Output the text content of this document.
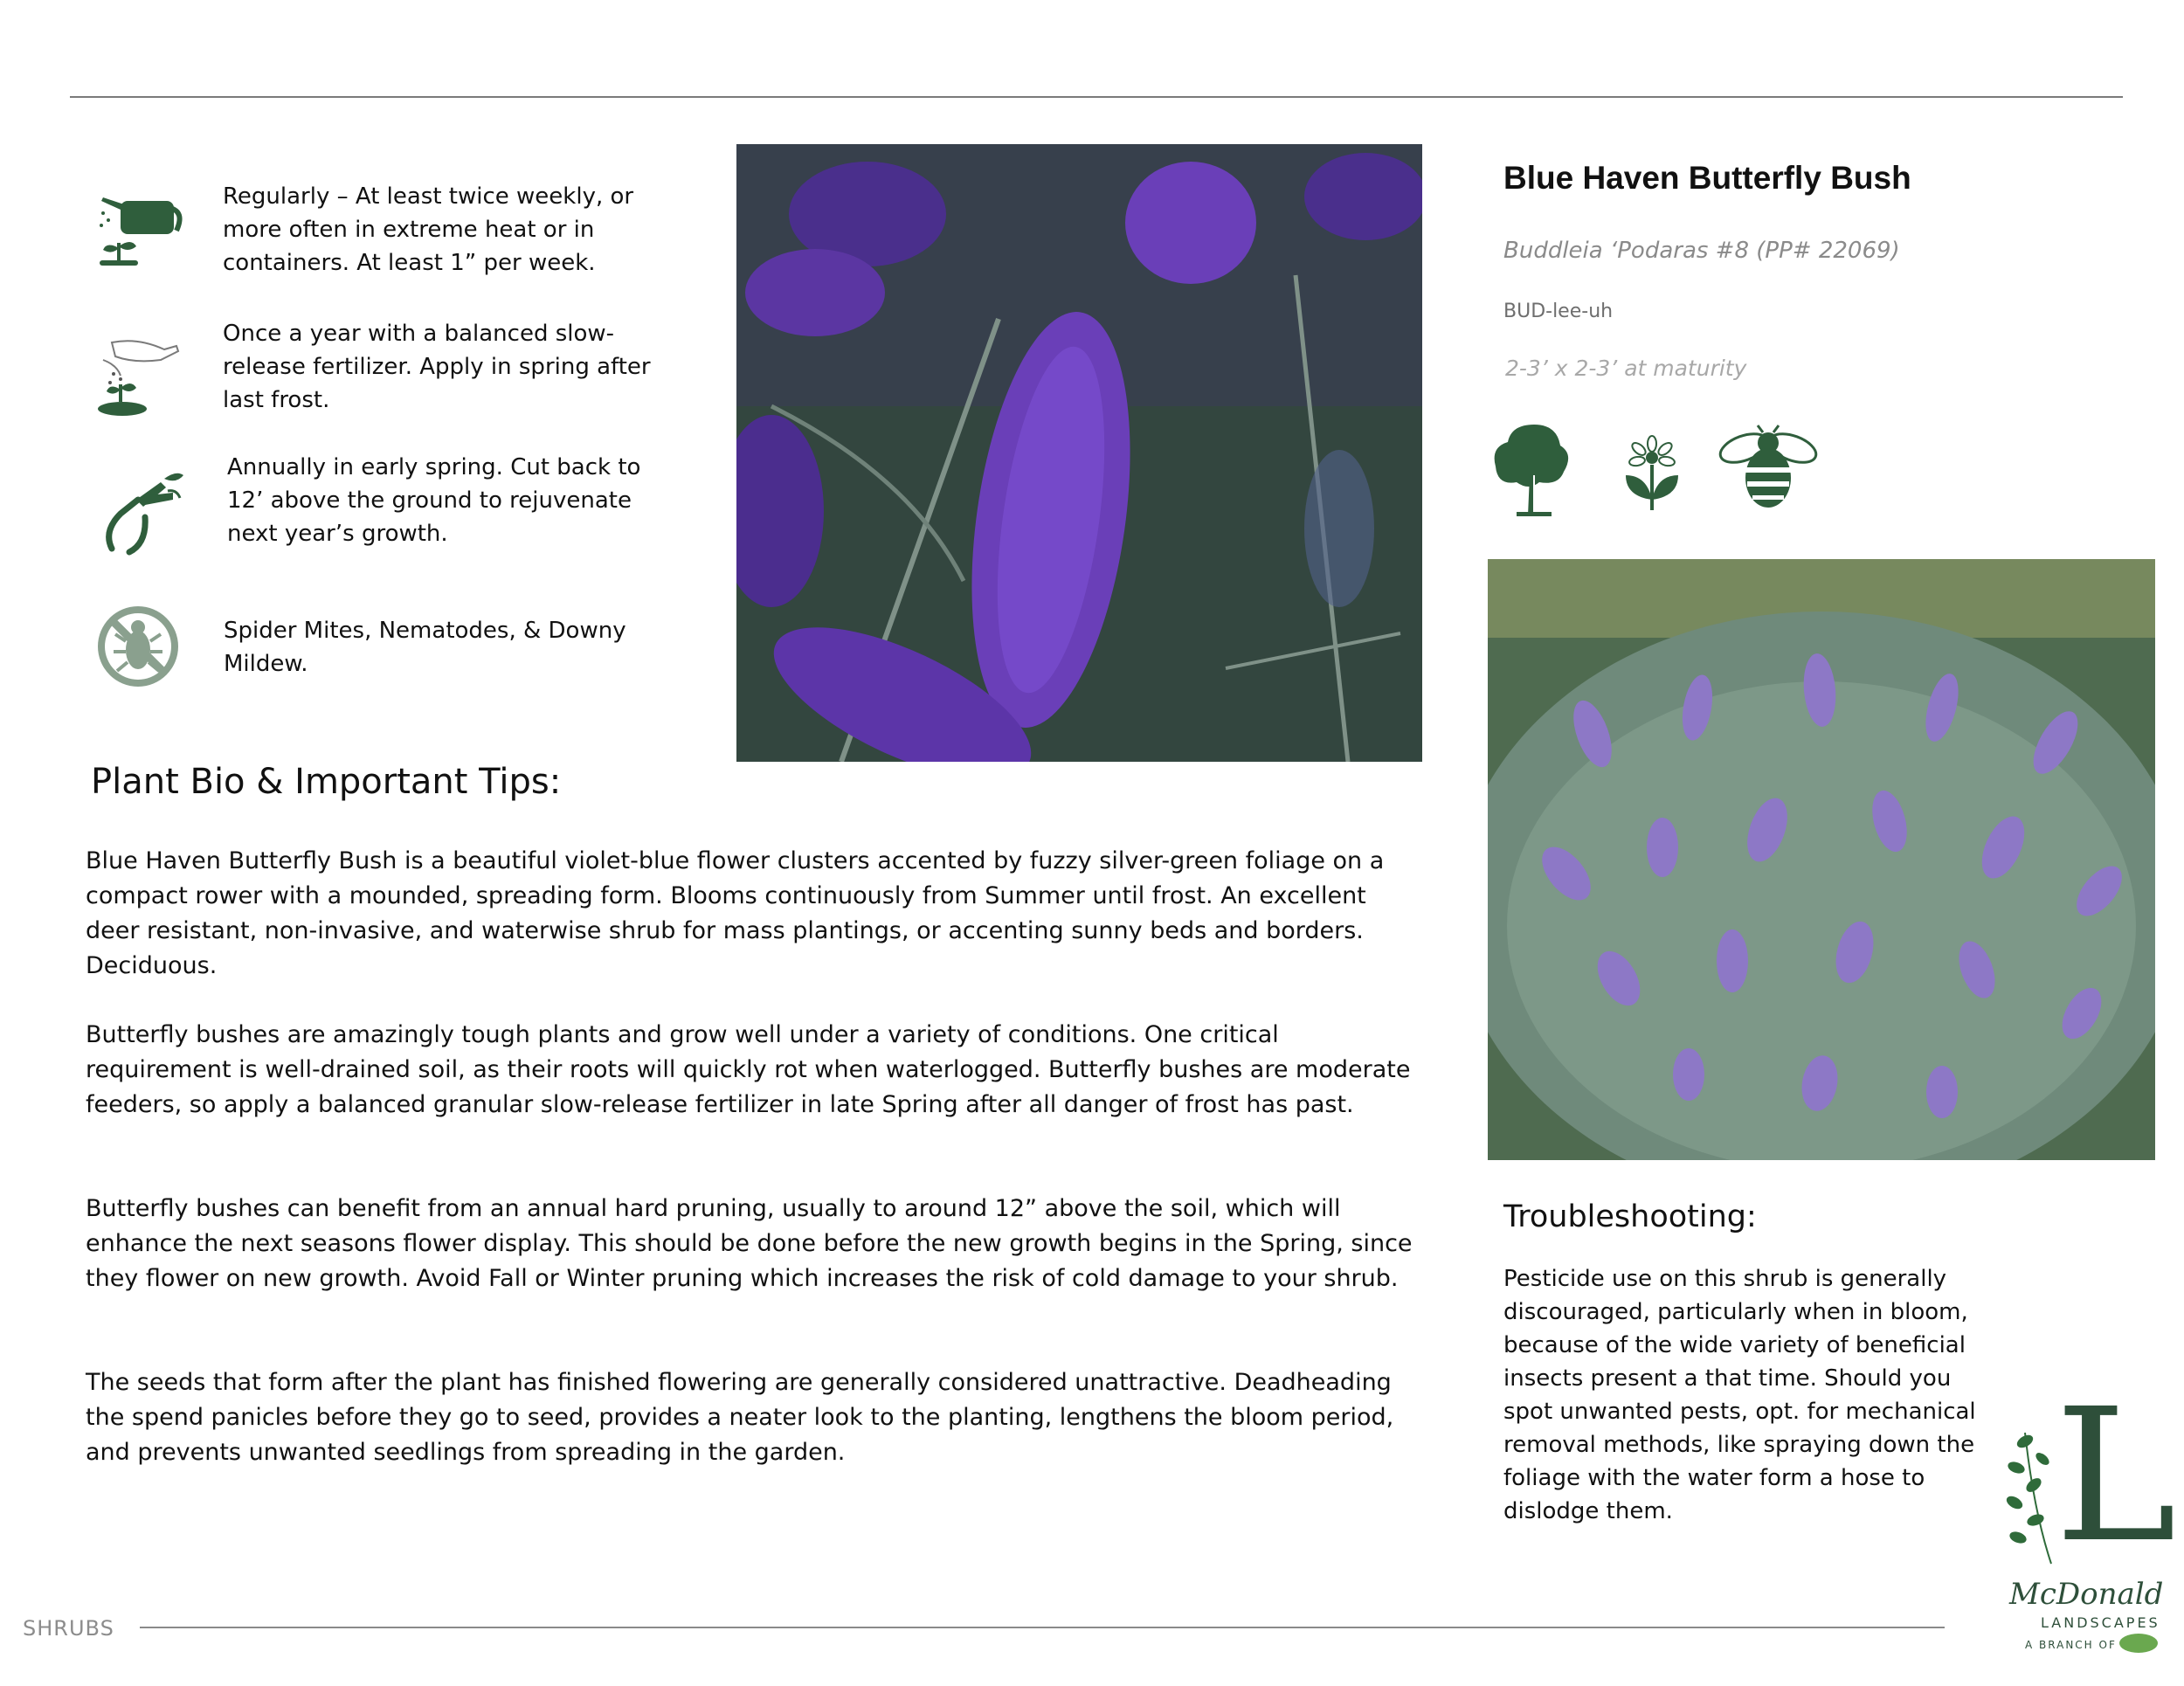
Regularly – At least twice weekly, or more often in extreme heat or in containers. At least 1” per week.
Once a year with a balanced slow-release fertilizer. Apply in spring after last frost.
Annually in early spring. Cut back to 12’ above the ground to rejuvenate next year’s growth.
Spider Mites, Nematodes, & Downy Mildew.
Blue Haven Butterfly Bush
Buddleia ‘Podaras #8 (PP# 22069)
BUD-lee-uh
2-3’ x 2-3’ at maturity
Plant Bio & Important Tips:
Blue Haven Butterfly Bush is a beautiful violet-blue flower clusters accented by fuzzy silver-green foliage on a compact rower with a mounded, spreading form. Blooms continuously from Summer until frost. An excellent deer resistant, non-invasive, and waterwise shrub for mass plantings, or accenting sunny beds and borders. Deciduous.
Butterfly bushes are amazingly tough plants and grow well under a variety of conditions. One critical requirement is well-drained soil, as their roots will quickly rot when waterlogged. Butterfly bushes are moderate feeders, so apply a balanced granular slow-release fertilizer in late Spring after all danger of frost has past.
Butterfly bushes can benefit from an annual hard pruning, usually to around 12” above the soil, which will enhance the next seasons flower display. This should be done before the new growth begins in the Spring, since they flower on new growth. Avoid Fall or Winter pruning which increases the risk of cold damage to your shrub.
The seeds that form after the plant has finished flowering are generally considered unattractive. Deadheading the spend panicles before they go to seed, provides a neater look to the planting, lengthens the bloom period, and prevents unwanted seedlings from spreading in the garden.
Troubleshooting:
Pesticide use on this shrub is generally discouraged, particularly when in bloom, because of the wide variety of beneficial insects present a that time. Should you spot unwanted pests, opt. for mechanical removal methods, like spraying down the foliage with the water form a hose to dislodge them.	L
McDonald
LANDSCAPES
A BRANCH OF
SHRUBS
